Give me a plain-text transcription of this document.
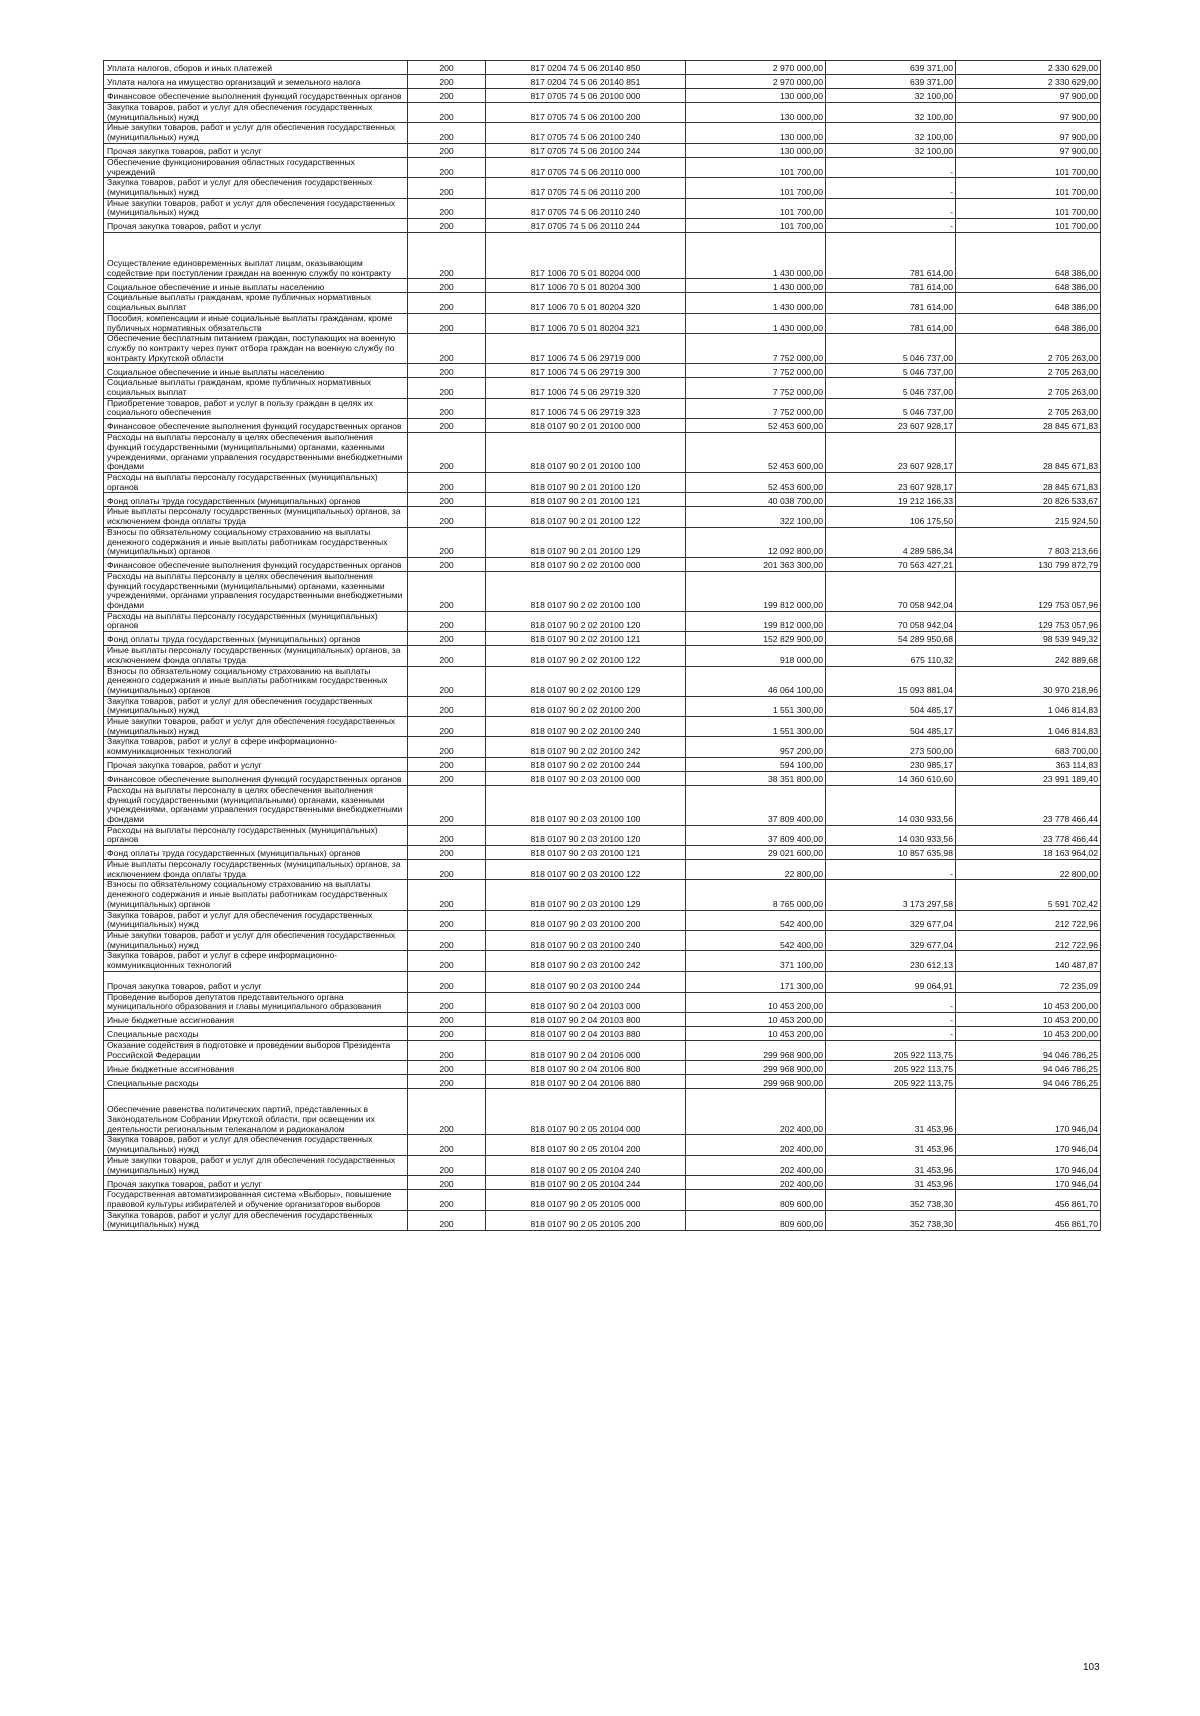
Уплата налогов, сборов и иных платежей	200	817 0204 74 5 06 20140 850	2 970 000,00	639 371,00	2 330 629,00
Уплата налога на имущество организаций и земельного налога	200	817 0204 74 5 06 20140 851	2 970 000,00	639 371,00	2 330 629,00
Финансовое обеспечение выполнения функций государственных органов	200	817 0705 74 5 06 20100 000	130 000,00	32 100,00	97 900,00
Закупка товаров, работ и услуг для обеспечения государственных (муниципальных) нужд	200	817 0705 74 5 06 20100 200	130 000,00	32 100,00	97 900,00
Иные закупки товаров, работ и услуг для обеспечения государственных (муниципальных) нужд	200	817 0705 74 5 06 20100 240	130 000,00	32 100,00	97 900,00
Прочая закупка товаров, работ и услуг	200	817 0705 74 5 06 20100 244	130 000,00	32 100,00	97 900,00
Обеспечение функционирования областных государственных учреждений	200	817 0705 74 5 06 20110 000	101 700,00	-	101 700,00
Закупка товаров, работ и услуг для обеспечения государственных (муниципальных) нужд	200	817 0705 74 5 06 20110 200	101 700,00	-	101 700,00
Иные закупки товаров, работ и услуг для обеспечения государственных (муниципальных) нужд	200	817 0705 74 5 06 20110 240	101 700,00	-	101 700,00
Прочая закупка товаров, работ и услуг	200	817 0705 74 5 06 20110 244	101 700,00	-	101 700,00
Осуществление единовременных выплат лицам, оказывающим содействие при поступлении граждан на военную службу по контракту	200	817 1006 70 5 01 80204 000	1 430 000,00	781 614,00	648 386,00
Социальное обеспечение и иные выплаты населению	200	817 1006 70 5 01 80204 300	1 430 000,00	781 614,00	648 386,00
Социальные выплаты гражданам, кроме публичных нормативных социальных выплат	200	817 1006 70 5 01 80204 320	1 430 000,00	781 614,00	648 386,00
Пособия, компенсации и иные социальные выплаты гражданам, кроме публичных нормативных обязательств	200	817 1006 70 5 01 80204 321	1 430 000,00	781 614,00	648 386,00
Обеспечение бесплатным питанием граждан, поступающих на военную службу по контракту через пункт отбора граждан на военную службу по контракту Иркутской области	200	817 1006 74 5 06 29719 000	7 752 000,00	5 046 737,00	2 705 263,00
Социальное обеспечение и иные выплаты населению	200	817 1006 74 5 06 29719 300	7 752 000,00	5 046 737,00	2 705 263,00
Социальные выплаты гражданам, кроме публичных нормативных социальных выплат	200	817 1006 74 5 06 29719 320	7 752 000,00	5 046 737,00	2 705 263,00
Приобретение товаров, работ и услуг в пользу граждан в целях их социального обеспечения	200	817 1006 74 5 06 29719 323	7 752 000,00	5 046 737,00	2 705 263,00
Финансовое обеспечение выполнения функций государственных органов	200	818 0107 90 2 01 20100 000	52 453 600,00	23 607 928,17	28 845 671,83
Расходы на выплаты персоналу в целях обеспечения выполнения функций государственными (муниципальными) органами, казенными учреждениями, органами управления государственными внебюджетными фондами	200	818 0107 90 2 01 20100 100	52 453 600,00	23 607 928,17	28 845 671,83
Расходы на выплаты персоналу государственных (муниципальных) органов	200	818 0107 90 2 01 20100 120	52 453 600,00	23 607 928,17	28 845 671,83
Фонд оплаты труда государственных (муниципальных) органов	200	818 0107 90 2 01 20100 121	40 038 700,00	19 212 166,33	20 826 533,67
Иные выплаты персоналу государственных (муниципальных) органов, за исключением фонда оплаты труда	200	818 0107 90 2 01 20100 122	322 100,00	106 175,50	215 924,50
Взносы по обязательному социальному страхованию на выплаты денежного содержания и иные выплаты работникам государственных (муниципальных) органов	200	818 0107 90 2 01 20100 129	12 092 800,00	4 289 586,34	7 803 213,66
Финансовое обеспечение выполнения функций государственных органов	200	818 0107 90 2 02 20100 000	201 363 300,00	70 563 427,21	130 799 872,79
Расходы на выплаты персоналу в целях обеспечения выполнения функций государственными (муниципальными) органами, казенными учреждениями, органами управления государственными внебюджетными фондами	200	818 0107 90 2 02 20100 100	199 812 000,00	70 058 942,04	129 753 057,96
Расходы на выплаты персоналу государственных (муниципальных) органов	200	818 0107 90 2 02 20100 120	199 812 000,00	70 058 942,04	129 753 057,96
Фонд оплаты труда государственных (муниципальных) органов	200	818 0107 90 2 02 20100 121	152 829 900,00	54 289 950,68	98 539 949,32
Иные выплаты персоналу государственных (муниципальных) органов, за исключением фонда оплаты труда	200	818 0107 90 2 02 20100 122	918 000,00	675 110,32	242 889,68
Взносы по обязательному социальному страхованию на выплаты денежного содержания и иные выплаты работникам государственных (муниципальных) органов	200	818 0107 90 2 02 20100 129	46 064 100,00	15 093 881,04	30 970 218,96
Закупка товаров, работ и услуг для обеспечения государственных (муниципальных) нужд	200	818 0107 90 2 02 20100 200	1 551 300,00	504 485,17	1 046 814,83
Иные закупки товаров, работ и услуг для обеспечения государственных (муниципальных) нужд	200	818 0107 90 2 02 20100 240	1 551 300,00	504 485,17	1 046 814,83
Закупка товаров, работ и услуг в сфере информационно-коммуникационных технологий	200	818 0107 90 2 02 20100 242	957 200,00	273 500,00	683 700,00
Прочая закупка товаров, работ и услуг	200	818 0107 90 2 02 20100 244	594 100,00	230 985,17	363 114,83
Финансовое обеспечение выполнения функций государственных органов	200	818 0107 90 2 03 20100 000	38 351 800,00	14 360 610,60	23 991 189,40
Расходы на выплаты персоналу в целях обеспечения выполнения функций государственными (муниципальными) органами, казенными учреждениями, органами управления государственными внебюджетными фондами	200	818 0107 90 2 03 20100 100	37 809 400,00	14 030 933,56	23 778 466,44
Расходы на выплаты персоналу государственных (муниципальных) органов	200	818 0107 90 2 03 20100 120	37 809 400,00	14 030 933,56	23 778 466,44
Фонд оплаты труда государственных (муниципальных) органов	200	818 0107 90 2 03 20100 121	29 021 600,00	10 857 635,98	18 163 964,02
Иные выплаты персоналу государственных (муниципальных) органов, за исключением фонда оплаты труда	200	818 0107 90 2 03 20100 122	22 800,00	-	22 800,00
Взносы по обязательному социальному страхованию на выплаты денежного содержания и иные выплаты работникам государственных (муниципальных) органов	200	818 0107 90 2 03 20100 129	8 765 000,00	3 173 297,58	5 591 702,42
Закупка товаров, работ и услуг для обеспечения государственных (муниципальных) нужд	200	818 0107 90 2 03 20100 200	542 400,00	329 677,04	212 722,96
Иные закупки товаров, работ и услуг для обеспечения государственных (муниципальных) нужд	200	818 0107 90 2 03 20100 240	542 400,00	329 677,04	212 722,96
Закупка товаров, работ и услуг в сфере информационно-коммуникационных технологий	200	818 0107 90 2 03 20100 242	371 100,00	230 612,13	140 487,87
Прочая закупка товаров, работ и услуг	200	818 0107 90 2 03 20100 244	171 300,00	99 064,91	72 235,09
Проведение выборов депутатов представительного органа муниципального образования и главы муниципального образования	200	818 0107 90 2 04 20103 000	10 453 200,00	-	10 453 200,00
Иные бюджетные ассигнования	200	818 0107 90 2 04 20103 800	10 453 200,00	-	10 453 200,00
Специальные расходы	200	818 0107 90 2 04 20103 880	10 453 200,00	-	10 453 200,00
Оказание содействия в подготовке и проведении выборов Президента Российской Федерации	200	818 0107 90 2 04 20106 000	299 968 900,00	205 922 113,75	94 046 786,25
Иные бюджетные ассигнования	200	818 0107 90 2 04 20106 800	299 968 900,00	205 922 113,75	94 046 786,25
Специальные расходы	200	818 0107 90 2 04 20106 880	299 968 900,00	205 922 113,75	94 046 786,25
Обеспечение равенства политических партий, представленных в Законодательном Собрании Иркутской области, при освещении их деятельности региональным телеканалом и радиоканалом	200	818 0107 90 2 05 20104 000	202 400,00	31 453,96	170 946,04
Закупка товаров, работ и услуг для обеспечения государственных (муниципальных) нужд	200	818 0107 90 2 05 20104 200	202 400,00	31 453,96	170 946,04
Иные закупки товаров, работ и услуг для обеспечения государственных (муниципальных) нужд	200	818 0107 90 2 05 20104 240	202 400,00	31 453,96	170 946,04
Прочая закупка товаров, работ и услуг	200	818 0107 90 2 05 20104 244	202 400,00	31 453,96	170 946,04
Государственная автоматизированная система «Выборы», повышение правовой культуры избирателей и обучение организаторов выборов	200	818 0107 90 2 05 20105 000	809 600,00	352 738,30	456 861,70
Закупка товаров, работ и услуг для обеспечения государственных (муниципальных) нужд	200	818 0107 90 2 05 20105 200	809 600,00	352 738,30	456 861,70
103
